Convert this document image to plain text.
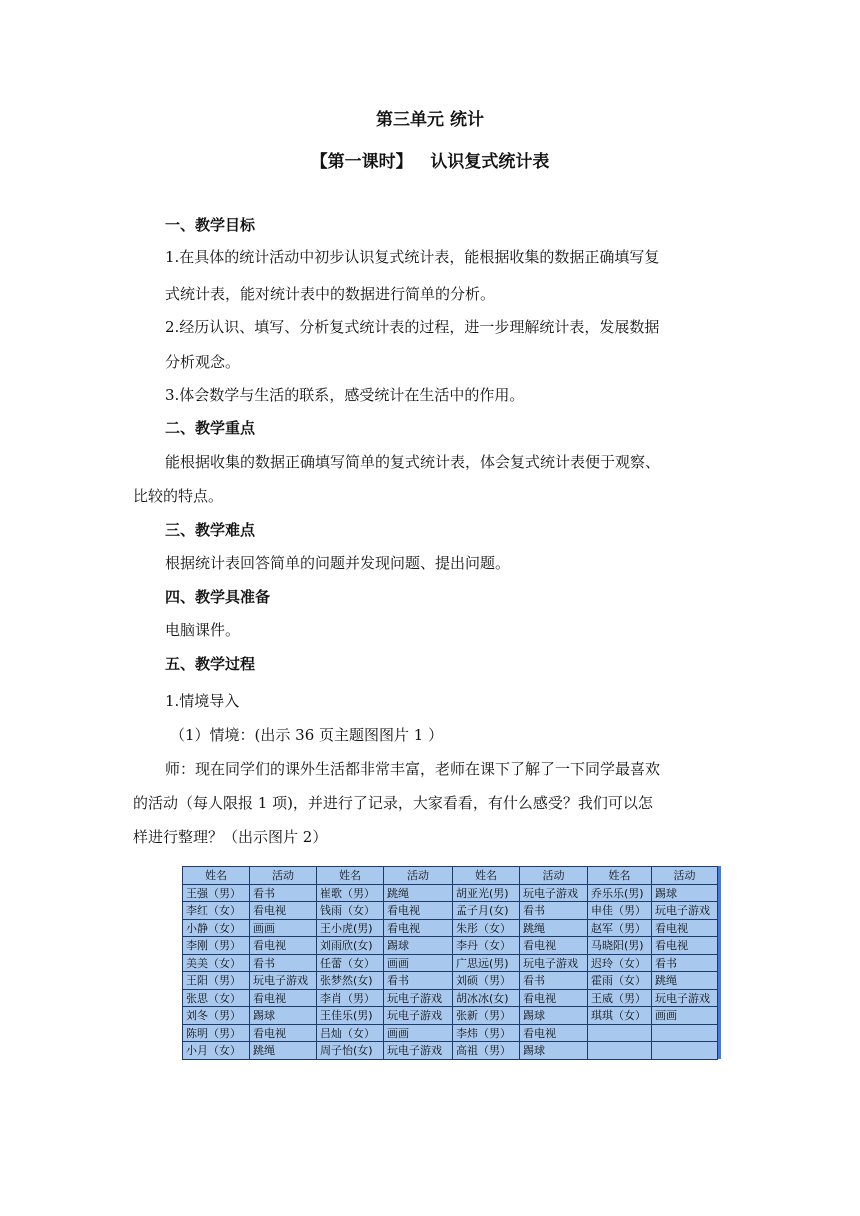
第三单元 统计
【第一课时】   认识复式统计表
一、教学目标
1.在具体的统计活动中初步认识复式统计表，能根据收集的数据正确填写复
式统计表，能对统计表中的数据进行简单的分析。
2.经历认识、填写、分析复式统计表的过程，进一步理解统计表，发展数据
分析观念。
3.体会数学与生活的联系，感受统计在生活中的作用。
二、教学重点
能根据收集的数据正确填写简单的复式统计表，体会复式统计表便于观察、
比较的特点。
三、教学难点
根据统计表回答简单的问题并发现问题、提出问题。
四、教学具准备
电脑课件。
五、教学过程
1.情境导入
（1）情境：(出示 36 页主题图图片 1 ）
师：现在同学们的课外生活都非常丰富，老师在课下了解了一下同学最喜欢
的活动（每人限报 1 项)，并进行了记录，大家看看，有什么感受？我们可以怎
样进行整理？（出示图片 2）
姓名	活动	姓名	活动	姓名	活动	姓名	活动
王强（男）	看书	崔歌（男）	跳绳	胡亚光(男)	玩电子游戏	乔乐乐(男)	踢球
李红（女）	看电视	钱雨（女）	看电视	孟子月(女)	看书	申佳（男）	玩电子游戏
小静（女）	画画	王小虎(男)	看电视	朱彤（女）	跳绳	赵军（男）	看电视
李刚（男）	看电视	刘雨欣(女)	踢球	李丹（女）	看电视	马晓阳(男)	看电视
美美（女）	看书	任蕾（女）	画画	广思远(男)	玩电子游戏	迟玲（女）	看书
王阳（男）	玩电子游戏	张梦然(女)	看书	刘硕（男）	看书	霍雨（女）	跳绳
张思（女）	看电视	李肖（男）	玩电子游戏	胡冰冰(女)	看电视	王威（男）	玩电子游戏
刘冬（男）	踢球	王佳乐(男)	玩电子游戏	张新（男）	踢球	琪琪（女）	画画
陈明（男）	看电视	吕灿（女）	画画	李炜（男）	看电视		
小月（女）	跳绳	周子怡(女)	玩电子游戏	高祖（男）	踢球		
